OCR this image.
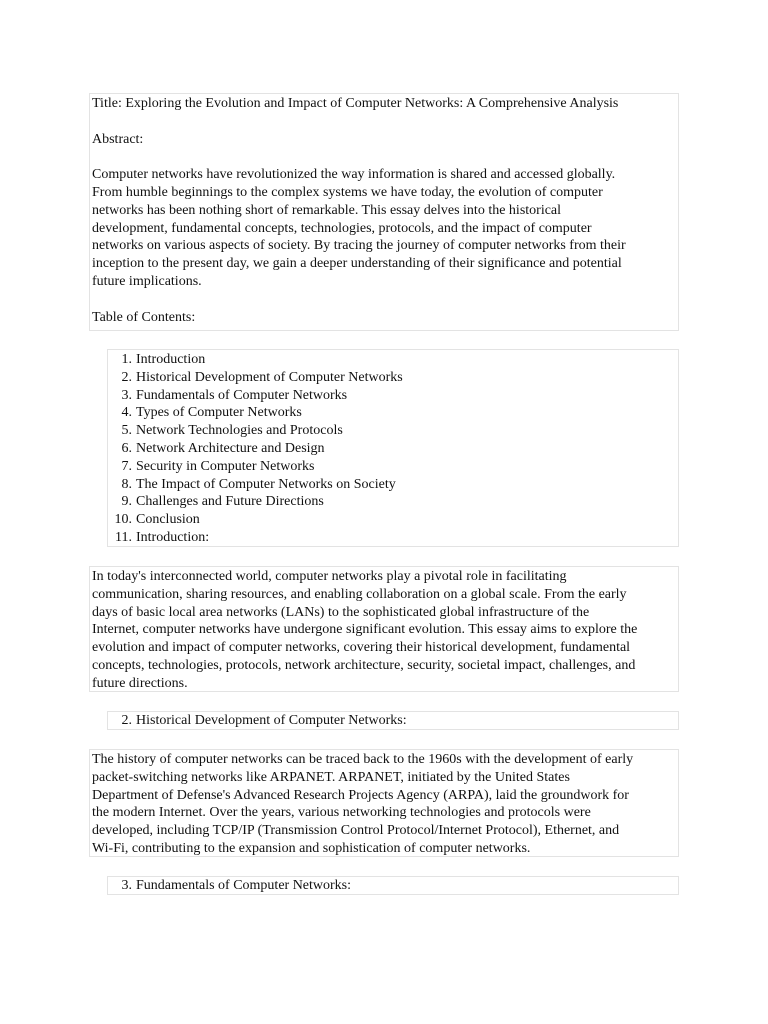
Title: Exploring the Evolution and Impact of Computer Networks: A Comprehensive Analysis

Abstract:

Computer networks have revolutionized the way information is shared and accessed globally.
From humble beginnings to the complex systems we have today, the evolution of computer
networks has been nothing short of remarkable. This essay delves into the historical
development, fundamental concepts, technologies, protocols, and the impact of computer
networks on various aspects of society. By tracing the journey of computer networks from their
inception to the present day, we gain a deeper understanding of their significance and potential
future implications.

Table of Contents:

1. Introduction
2. Historical Development of Computer Networks
3. Fundamentals of Computer Networks
4. Types of Computer Networks
5. Network Technologies and Protocols
6. Network Architecture and Design
7. Security in Computer Networks
8. The Impact of Computer Networks on Society
9. Challenges and Future Directions
10. Conclusion
11. Introduction:
In today's interconnected world, computer networks play a pivotal role in facilitating
communication, sharing resources, and enabling collaboration on a global scale. From the early
days of basic local area networks (LANs) to the sophisticated global infrastructure of the
Internet, computer networks have undergone significant evolution. This essay aims to explore the
evolution and impact of computer networks, covering their historical development, fundamental
concepts, technologies, protocols, network architecture, security, societal impact, challenges, and
future directions.
2. Historical Development of Computer Networks:
The history of computer networks can be traced back to the 1960s with the development of early
packet-switching networks like ARPANET. ARPANET, initiated by the United States
Department of Defense's Advanced Research Projects Agency (ARPA), laid the groundwork for
the modern Internet. Over the years, various networking technologies and protocols were
developed, including TCP/IP (Transmission Control Protocol/Internet Protocol), Ethernet, and
Wi-Fi, contributing to the expansion and sophistication of computer networks.
3. Fundamentals of Computer Networks:
